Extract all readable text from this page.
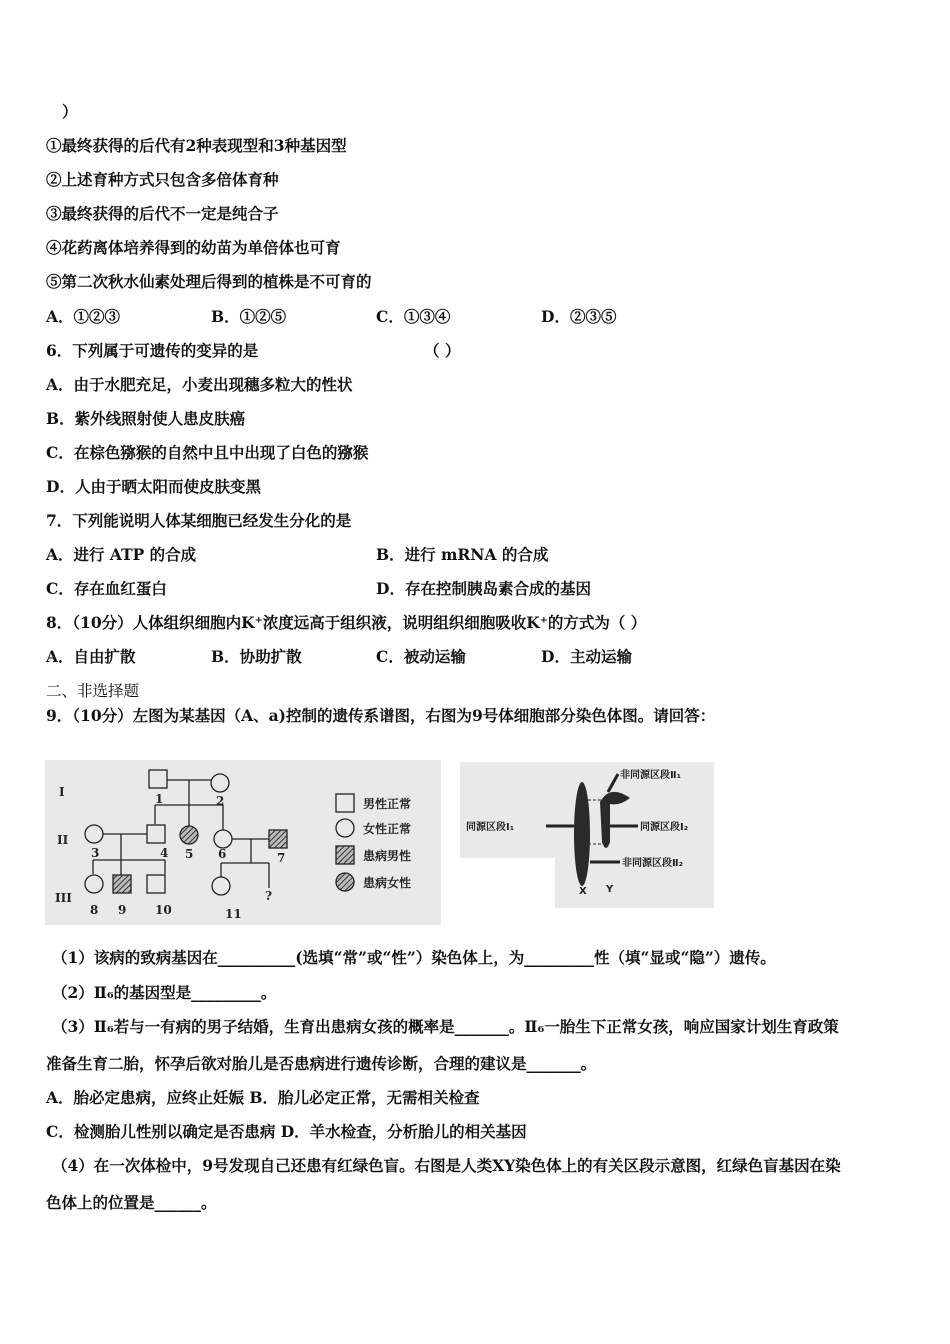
）
①最终获得的后代有2种表现型和3种基因型
②上述育种方式只包含多倍体育种
③最终获得的后代不一定是纯合子
④花药离体培养得到的幼苗为单倍体也可育
⑤第二次秋水仙素处理后得到的植株是不可育的
A．①②③	B．①②⑤	C．①③④	D．②③⑤
6．下列属于可遗传的变异的是	（ ）
A．由于水肥充足，小麦出现穗多粒大的性状
B．紫外线照射使人患皮肤癌
C．在棕色猕猴的自然中且中出现了白色的猕猴
D．人由于晒太阳而使皮肤变黑
7．下列能说明人体某细胞已经发生分化的是
A．进行 ATP 的合成	B．进行 mRNA 的合成
C．存在血红蛋白	D．存在控制胰岛素合成的基因
8．（10分）人体组织细胞内K⁺浓度远高于组织液，说明组织细胞吸收K⁺的方式为（ ）
A．自由扩散	B．协助扩散	C．被动运输	D．主动运输
二、非选择题
9．（10分）左图为某基因（A、a)控制的遗传系谱图，右图为9号体细胞部分染色体图。请回答：
I
II
III
1	2
3	4 5 6	7
8 9 10	11
?
男性正常
女性正常
患病男性
患病女性
非同源区段Ⅱ₁
同源区段Ⅰ₁	同源区段Ⅰ₂
非同源区段Ⅱ₂
X Y
（1）该病的致病基因在__________(选填“常”或“性”）染色体上，为_________性（填“显或“隐”）遗传。
（2）Ⅱ₆的基因型是_________。
（3）Ⅱ₆若与一有病的男子结婚，生育出患病女孩的概率是_______。Ⅱ₆一胎生下正常女孩，响应国家计划生育政策
准备生育二胎，怀孕后欲对胎儿是否患病进行遗传诊断，合理的建议是_______。
A．胎必定患病，应终止妊娠 B．胎儿必定正常，无需相关检查
C．检测胎儿性别以确定是否患病 D．羊水检查，分析胎儿的相关基因
（4）在一次体检中，9号发现自己还患有红绿色盲。右图是人类XY染色体上的有关区段示意图，红绿色盲基因在染
色体上的位置是______。
